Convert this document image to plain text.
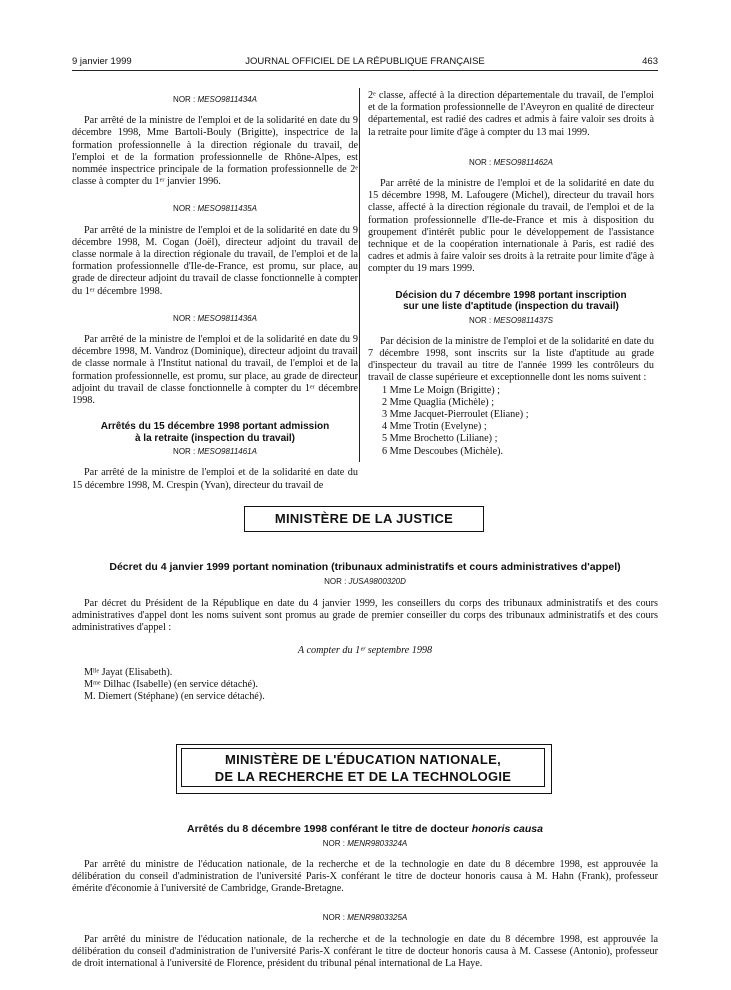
9 janvier 1999	JOURNAL OFFICIEL DE LA RÉPUBLIQUE FRANÇAISE	463
NOR : MESO9811434A

Par arrêté de la ministre de l'emploi et de la solidarité en date du 9 décembre 1998, Mme Bartoli-Bouly (Brigitte), inspectrice de la formation professionnelle à la direction régionale du travail, de l'emploi et de la formation professionnelle de Rhône-Alpes, est nommée inspectrice principale de la formation professionnelle de 2ᵉ classe à compter du 1ᵉʳ janvier 1996.

NOR : MESO9811435A

Par arrêté de la ministre de l'emploi et de la solidarité en date du 9 décembre 1998, M. Cogan (Joël), directeur adjoint du travail de classe normale à la direction régionale du travail, de l'emploi et de la formation professionnelle d'Ile-de-France, est promu, sur place, au grade de directeur adjoint du travail de classe fonctionnelle à compter du 1ᵉʳ décembre 1998.

NOR : MESO9811436A

Par arrêté de la ministre de l'emploi et de la solidarité en date du 9 décembre 1998, M. Vandroz (Dominique), directeur adjoint du travail de classe normale à l'Institut national du travail, de l'emploi et de la formation professionnelle, est promu, sur place, au grade de directeur adjoint du travail de classe fonctionnelle à compter du 1ᵉʳ décembre 1998.

Arrêtés du 15 décembre 1998 portant admission

à la retraite (inspection du travail)

NOR : MESO9811461A

Par arrêté de la ministre de l'emploi et de la solidarité en date du 15 décembre 1998, M. Crespin (Yvan), directeur du travail de

2ᵉ classe, affecté à la direction départementale du travail, de l'emploi et de la formation professionnelle de l'Aveyron en qualité de directeur départemental, est radié des cadres et admis à faire valoir ses droits à la retraite pour limite d'âge à compter du 13 mai 1999.

NOR : MESO9811462A

Par arrêté de la ministre de l'emploi et de la solidarité en date du 15 décembre 1998, M. Lafougere (Michel), directeur du travail hors classe, affecté à la direction régionale du travail, de l'emploi et de la formation professionnelle d'Ile-de-France et mis à disposition du groupement d'intérêt public pour le développement de l'assistance technique et de la coopération internationale à Paris, est radié des cadres et admis à faire valoir ses droits à la retraite pour limite d'âge à compter du 19 mars 1999.

Décision du 7 décembre 1998 portant inscription

sur une liste d'aptitude (inspection du travail)

NOR : MESO9811437S

Par décision de la ministre de l'emploi et de la solidarité en date du 7 décembre 1998, sont inscrits sur la liste d'aptitude au grade d'inspecteur du travail au titre de l'année 1999 les contrôleurs du travail de classe supérieure et exceptionnelle dont les noms suivent :

1 Mme Le Moign (Brigitte) ;
2 Mme Quaglia (Michèle) ;
3 Mme Jacquet-Pierroulet (Eliane) ;
4 Mme Trotin (Evelyne) ;
5 Mme Brochetto (Liliane) ;
6 Mme Descoubes (Michèle).
MINISTÈRE DE LA JUSTICE

Décret du 4 janvier 1999 portant nomination (tribunaux administratifs et cours administratives d'appel)

NOR : JUSA9800320D

Par décret du Président de la République en date du 4 janvier 1999, les conseillers du corps des tribunaux administratifs et des cours administratives d'appel dont les noms suivent sont promus au grade de premier conseiller du corps des tribunaux administratifs et des cours administratives d'appel :

A compter du 1ᵉʳ septembre 1998

Mˡˡᵉ Jayat (Elisabeth).
Mᵐᵉ Dilhac (Isabelle) (en service détaché).
M. Diemert (Stéphane) (en service détaché).
MINISTÈRE DE L'ÉDUCATION NATIONALE,
DE LA RECHERCHE ET DE LA TECHNOLOGIE

Arrêtés du 8 décembre 1998 conférant le titre de docteur honoris causa

NOR : MENR9803324A

Par arrêté du ministre de l'éducation nationale, de la recherche et de la technologie en date du 8 décembre 1998, est approuvée la délibération du conseil d'administration de l'université Paris-X conférant le titre de docteur honoris causa à M. Hahn (Frank), professeur émérite d'économie à l'université de Cambridge, Grande-Bretagne.

NOR : MENR9803325A

Par arrêté du ministre de l'éducation nationale, de la recherche et de la technologie en date du 8 décembre 1998, est approuvée la délibération du conseil d'administration de l'université Paris-X conférant le titre de docteur honoris causa à M. Cassese (Antonio), professeur de droit international à l'université de Florence, président du tribunal pénal international de La Haye.
